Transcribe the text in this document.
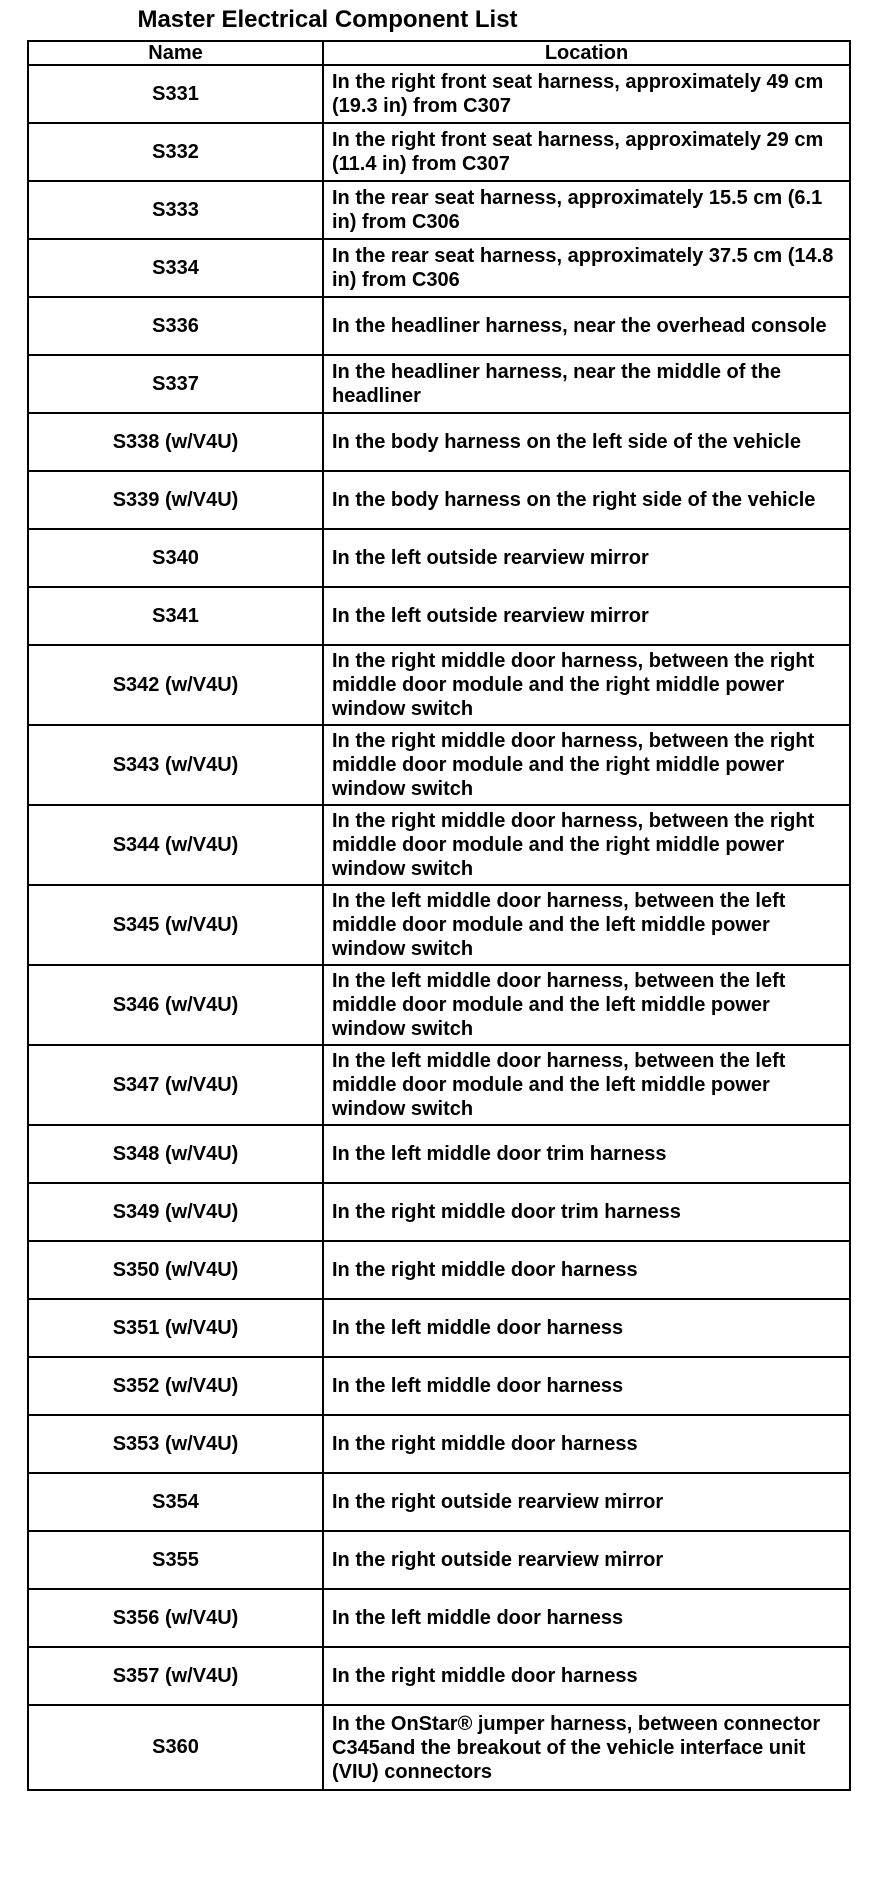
Master Electrical Component List
Name	Location
S331	In the right front seat harness, approximately 49 cm (19.3 in) from C307
S332	In the right front seat harness, approximately 29 cm (11.4 in) from C307
S333	In the rear seat harness, approximately 15.5 cm (6.1 in) from C306
S334	In the rear seat harness, approximately 37.5 cm (14.8 in) from C306
S336	In the headliner harness, near the overhead console
S337	In the headliner harness, near the middle of the headliner
S338 (w/V4U)	In the body harness on the left side of the vehicle
S339 (w/V4U)	In the body harness on the right side of the vehicle
S340	In the left outside rearview mirror
S341	In the left outside rearview mirror
S342 (w/V4U)	In the right middle door harness, between the right middle door module and the right middle power window switch
S343 (w/V4U)	In the right middle door harness, between the right middle door module and the right middle power window switch
S344 (w/V4U)	In the right middle door harness, between the right middle door module and the right middle power window switch
S345 (w/V4U)	In the left middle door harness, between the left middle door module and the left middle power window switch
S346 (w/V4U)	In the left middle door harness, between the left middle door module and the left middle power window switch
S347 (w/V4U)	In the left middle door harness, between the left middle door module and the left middle power window switch
S348 (w/V4U)	In the left middle door trim harness
S349 (w/V4U)	In the right middle door trim harness
S350 (w/V4U)	In the right middle door harness
S351 (w/V4U)	In the left middle door harness
S352 (w/V4U)	In the left middle door harness
S353 (w/V4U)	In the right middle door harness
S354	In the right outside rearview mirror
S355	In the right outside rearview mirror
S356 (w/V4U)	In the left middle door harness
S357 (w/V4U)	In the right middle door harness
S360	In the OnStar® jumper harness, between connector C345and the breakout of the vehicle interface unit (VIU) connectors
